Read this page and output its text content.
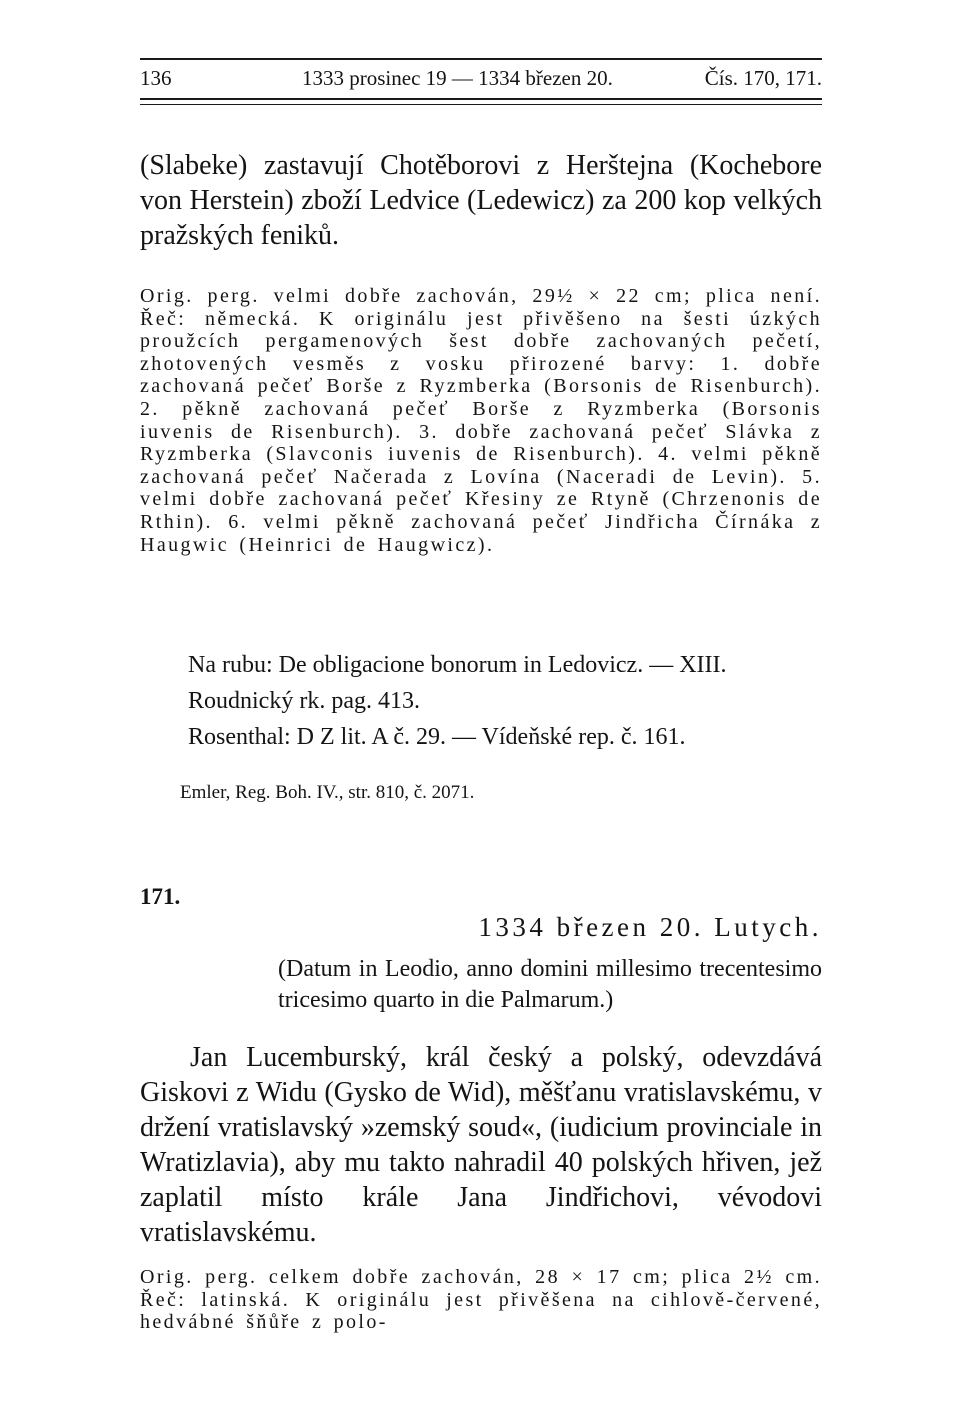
136	1333 prosinec 19 — 1334 březen 20.	Čís. 170, 171.

(Slabeke) zastavují Chotěborovi z Herštejna (Kochebore von Herstein) zboží Ledvice (Ledewicz) za 200 kop velkých pražských feniků.

Orig. perg. velmi dobře zachován, 29½ × 22 cm; plica není. Řeč: německá. K originálu jest přivěšeno na šesti úzkých proužcích pergamenových šest dobře zachovaných pečetí, zhotovených vesměs z vosku přirozené barvy: 1. dobře zachovaná pečeť Borše z Ryzmberka (Borsonis de Risenburch). 2. pěkně zachovaná pečeť Borše z Ryzmberka (Borsonis iuvenis de Risenburch). 3. dobře zachovaná pečeť Slávka z Ryzmberka (Slavconis iuvenis de Risenburch). 4. velmi pěkně zachovaná pečeť Načerada z Lovína (Naceradi de Levin). 5. velmi dobře zachovaná pečeť Křesiny ze Rtyně (Chrzenonis de Rthin). 6. velmi pěkně zachovaná pečeť Jindřicha Čírnáka z Haugwic (Heinrici de Haugwicz).

Na rubu: De obligacione bonorum in Ledovicz. — XIII.

Roudnický rk. pag. 413.

Rosenthal: D Z lit. A č. 29. — Vídeňské rep. č. 161.

Emler, Reg. Boh. IV., str. 810, č. 2071.

171.

1334 březen 20. Lutych.

(Datum in Leodio, anno domini millesimo trecentesimo tricesimo quarto in die Palmarum.)

Jan Lucemburský, král český a polský, odevzdává Giskovi z Widu (Gysko de Wid), měšťanu vratislavskému, v držení vratislavský »zemský soud«, (iudicium provinciale in Wratizlavia), aby mu takto nahradil 40 polských hřiven, jež zaplatil místo krále Jana Jindřichovi, vévodovi vratislavskému.

Orig. perg. celkem dobře zachován, 28 × 17 cm; plica 2½ cm. Řeč: latinská. K originálu jest přivěšena na cihlově-červené, hedvábné šňůře z polo-
